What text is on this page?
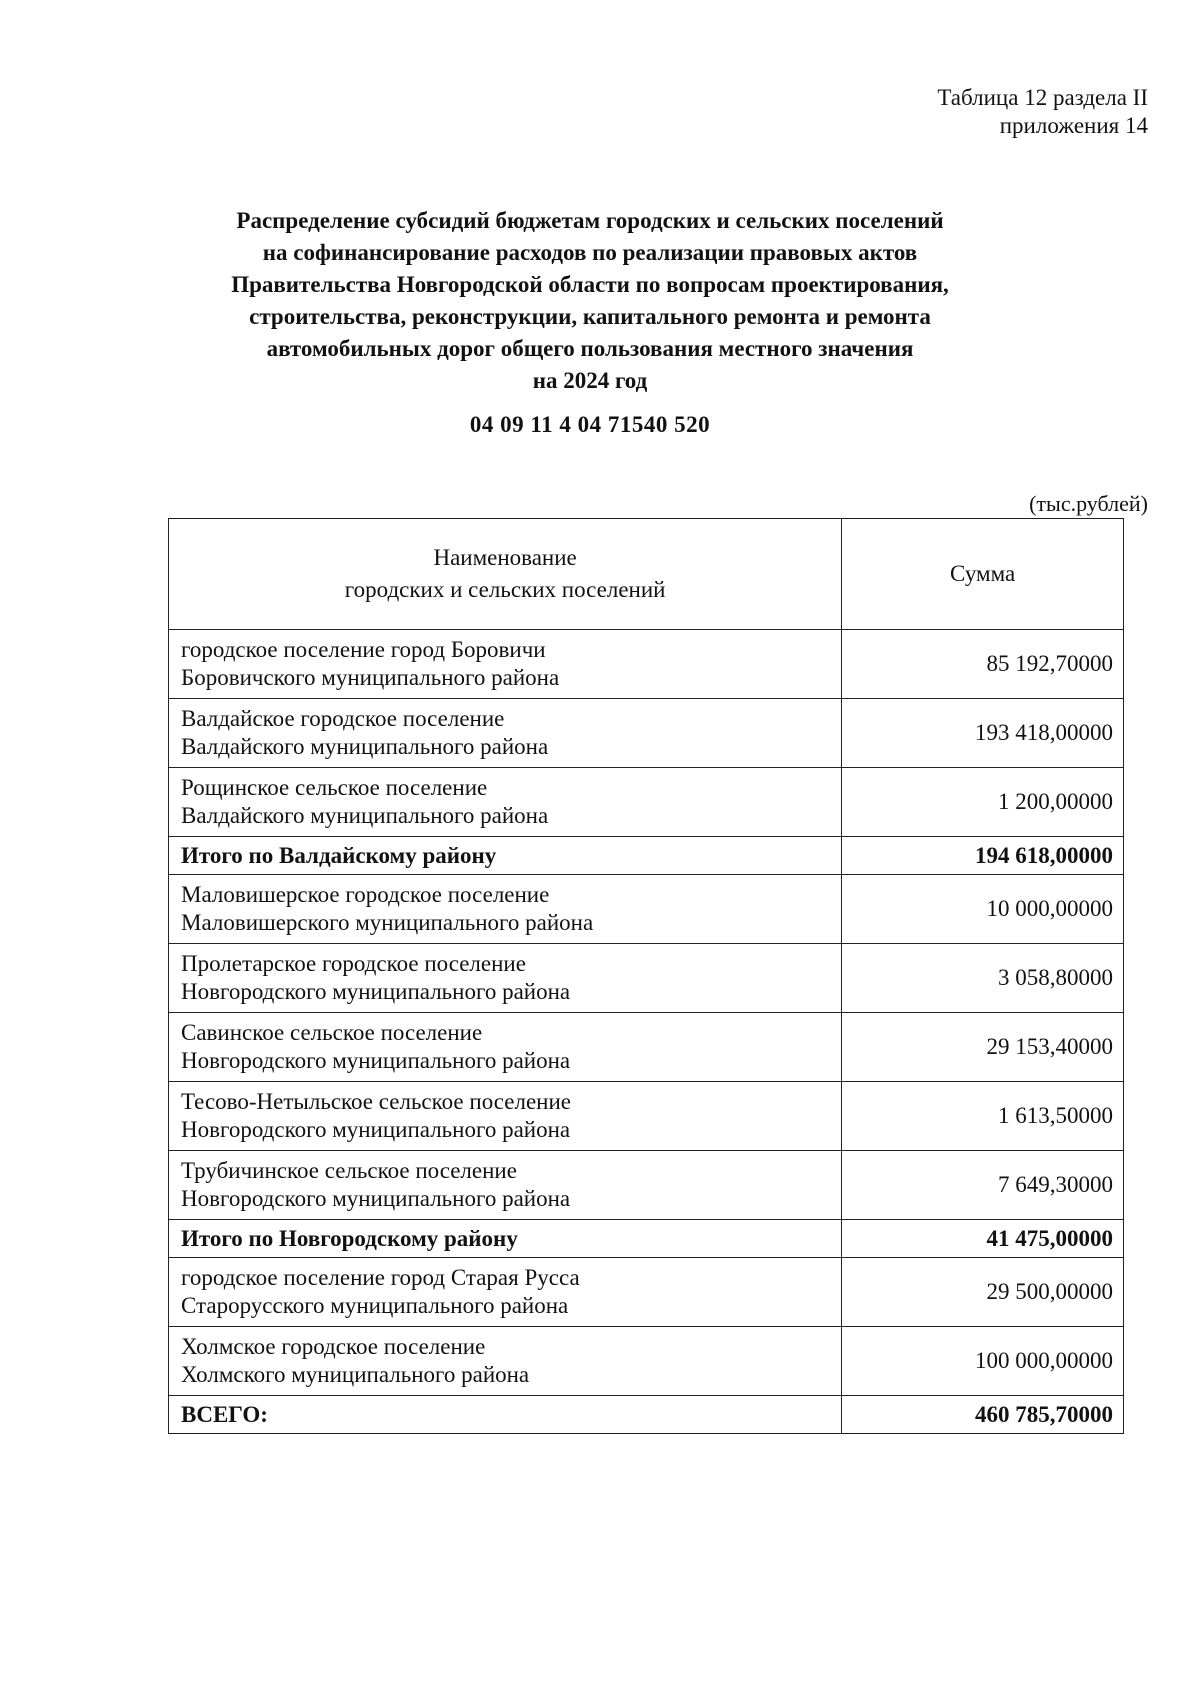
Таблица 12 раздела II
приложения 14
Распределение субсидий бюджетам городских и сельских поселений
на софинансирование расходов по реализации правовых актов
Правительства Новгородской области по вопросам проектирования,
строительства, реконструкции, капитального ремонта и ремонта
автомобильных дорог общего пользования местного значения
на 2024 год
04 09 11 4 04 71540 520
(тыс.рублей)
Наименование
городских и сельских поселений	Сумма

городское поселение город Боровичи
Боровичского муниципального района	85 192,70000

Валдайское городское поселение
Валдайского муниципального района	193 418,00000

Рощинское сельское поселение
Валдайского муниципального района	1 200,00000
Итого по Валдайскому району	194 618,00000

Маловишерское городское поселение
Маловишерского муниципального района	10 000,00000

Пролетарское городское поселение
Новгородского муниципального района	3 058,80000

Савинское сельское поселение
Новгородского муниципального района	29 153,40000

Тесово-Нетыльское сельское поселение
Новгородского муниципального района	1 613,50000

Трубичинское сельское поселение
Новгородского муниципального района	7 649,30000
Итого по Новгородскому району	41 475,00000

городское поселение город Старая Русса
Старорусского муниципального района	29 500,00000

Холмское городское поселение
Холмского муниципального района	100 000,00000
ВСЕГО:	460 785,70000
